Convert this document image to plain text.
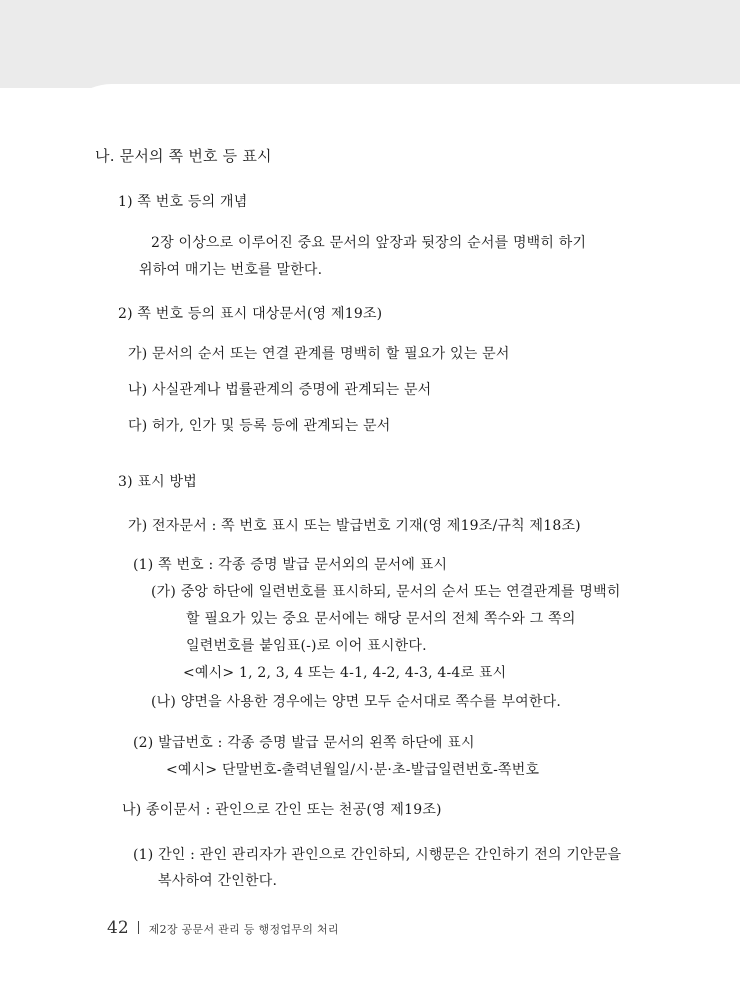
나. 문서의 쪽 번호 등 표시
1) 쪽 번호 등의 개념
2장 이상으로 이루어진 중요 문서의 앞장과 뒷장의 순서를 명백히 하기
위하여 매기는 번호를 말한다.
2) 쪽 번호 등의 표시 대상문서(영 제19조)
가) 문서의 순서 또는 연결 관계를 명백히 할 필요가 있는 문서
나) 사실관계나 법률관계의 증명에 관계되는 문서
다) 허가, 인가 및 등록 등에 관계되는 문서
3) 표시 방법
가) 전자문서 : 쪽 번호 표시 또는 발급번호 기재(영 제19조/규칙 제18조)
(1) 쪽 번호 : 각종 증명 발급 문서외의 문서에 표시
(가) 중앙 하단에 일련번호를 표시하되, 문서의 순서 또는 연결관계를 명백히
할 필요가 있는 중요 문서에는 해당 문서의 전체 쪽수와 그 쪽의
일련번호를 붙임표(-)로 이어 표시한다.
<예시> 1, 2, 3, 4 또는 4-1, 4-2, 4-3, 4-4로 표시
(나) 양면을 사용한 경우에는 양면 모두 순서대로 쪽수를 부여한다.
(2) 발급번호 : 각종 증명 발급 문서의 왼쪽 하단에 표시
<예시> 단말번호-출력년월일/시·분·초-발급일련번호-쪽번호
나) 종이문서 : 관인으로 간인 또는 천공(영 제19조)
(1) 간인 : 관인 관리자가 관인으로 간인하되, 시행문은 간인하기 전의 기안문을
복사하여 간인한다.
42 제2장 공문서 관리 등 행정업무의 처리
